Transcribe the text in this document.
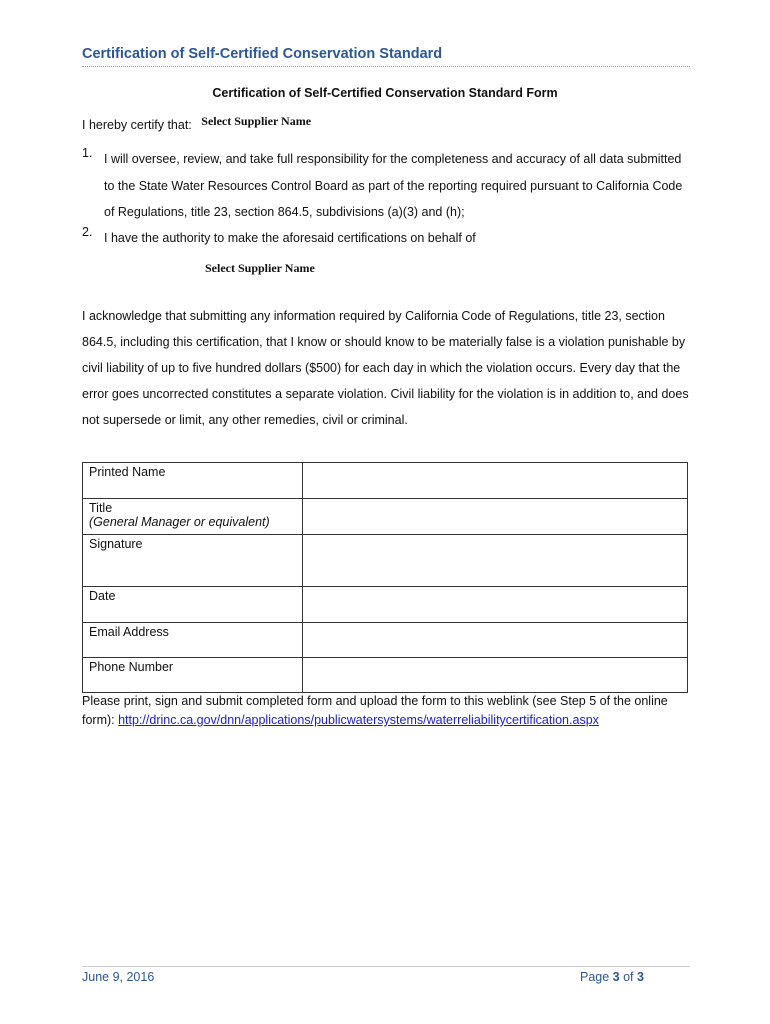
Certification of Self-Certified Conservation Standard
Certification of Self-Certified Conservation Standard Form
I hereby certify that: Select Supplier Name
1. I will oversee, review, and take full responsibility for the completeness and accuracy of all data submitted to the State Water Resources Control Board as part of the reporting required pursuant to California Code of Regulations, title 23, section 864.5, subdivisions (a)(3) and (h);
2. I have the authority to make the aforesaid certifications on behalf of
Select Supplier Name
I acknowledge that submitting any information required by California Code of Regulations, title 23, section 864.5, including this certification, that I know or should know to be materially false is a violation punishable by civil liability of up to five hundred dollars ($500) for each day in which the violation occurs. Every day that the error goes uncorrected constitutes a separate violation. Civil liability for the violation is in addition to, and does not supersede or limit, any other remedies, civil or criminal.
Printed Name	

Title
(General Manager or equivalent)	

Signature	
Date	
Email Address	
Phone Number	
Please print, sign and submit completed form and upload the form to this weblink (see Step 5 of the online form): http://drinc.ca.gov/dnn/applications/publicwatersystems/waterreliabilitycertification.aspx
June 9, 2016	Page 3 of 3
